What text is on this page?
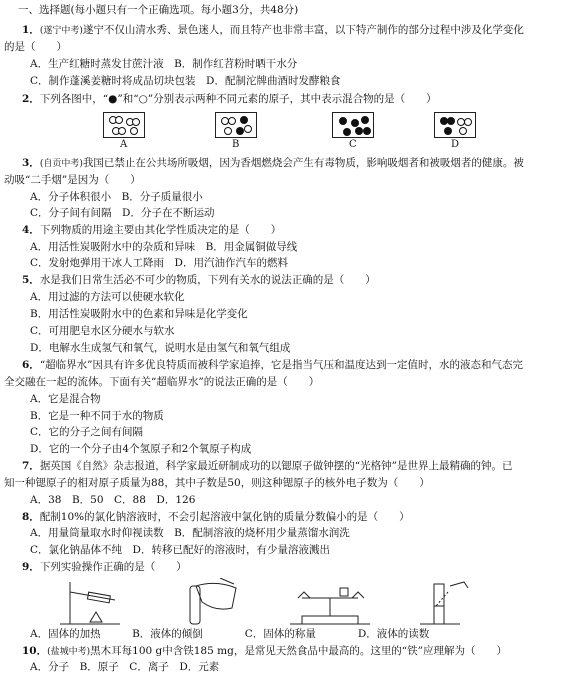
一、选择题(每小题只有一个正确选项。每小题3分，共48分)
1．(遂宁中考)遂宁不仅山清水秀、景色迷人，而且特产也非常丰富，以下特产制作的部分过程中涉及化学变化
的是（　　）
A．生产红糖时蒸发甘蔗汁液　B．制作红苕粉时晒干水分
C．制作蓬溪姜糖时将成品切块包装　D．配制沱牌曲酒时发酵粮食
2．下列各图中，“●”和“○”分别表示两种不同元素的原子，其中表示混合物的是（　　）
A	B	C	D
3．(自贡中考)我国已禁止在公共场所吸烟，因为香烟燃烧会产生有毒物质，影响吸烟者和被吸烟者的健康。被
动吸“二手烟”是因为（　　）
A．分子体积很小　B．分子质量很小
C．分子间有间隔　D．分子在不断运动
4．下列物质的用途主要由其化学性质决定的是（　　）
A．用活性炭吸附水中的杂质和异味　B．用金属铜做导线
C．发射炮弹用干冰人工降雨　D．用汽油作汽车的燃料
5．水是我们日常生活必不可少的物质，下列有关水的说法正确的是（　　）
A．用过滤的方法可以使硬水软化
B．用活性炭吸附水中的色素和异味是化学变化
C．可用肥皂水区分硬水与软水
D．电解水生成氢气和氧气，说明水是由氢气和氧气组成
6．“超临界水”因具有许多优良特质而被科学家追捧，它是指当气压和温度达到一定值时，水的液态和气态完
全交融在一起的流体。下面有关“超临界水”的说法正确的是（　　）
A．它是混合物
B．它是一种不同于水的物质
C．它的分子之间有间隔
D．它的一个分子由4个氢原子和2个氧原子构成
7．据英国《自然》杂志报道，科学家最近研制成功的以锶原子做钟摆的“光格钟”是世界上最精确的钟。已
知一种锶原子的相对原子质量为88，其中子数是50，则这种锶原子的核外电子数为（　　）
A．38　B．50　C．88　D．126
8．配制10%的氯化钠溶液时，不会引起溶液中氯化钠的质量分数偏小的是（　　）
A．用量筒量取水时仰视读数　B．配制溶液的烧杯用少量蒸馏水润洗
C．氯化钠晶体不纯　D．转移已配好的溶液时，有少量溶液溅出
9．下列实验操作正确的是（　　）
A．固体的加热　　　B．液体的倾倒　　　　C．固体的称量　　　　D．液体的读数
10．(盐城中考)黑木耳每100 g中含铁185 mg，是常见天然食品中最高的。这里的“铁”应理解为（　　）
A．分子　B．原子　C．离子　D．元素
